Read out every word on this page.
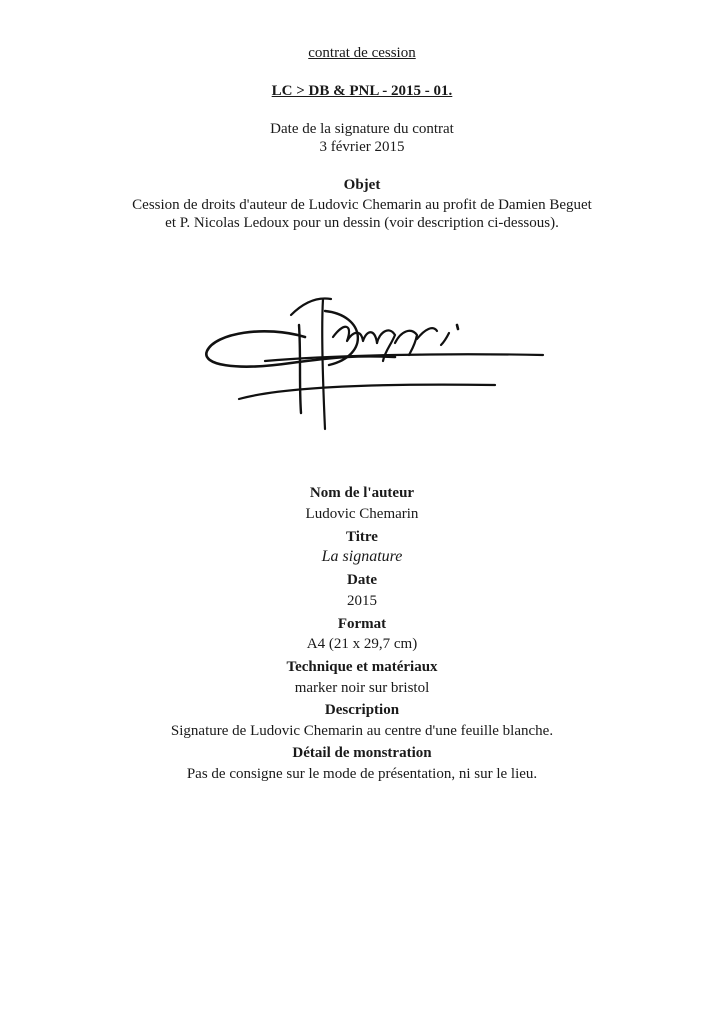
contrat de cession
LC > DB & PNL - 2015 - 01.
Date de la signature du contrat
3 février 2015
Objet
Cession de droits d'auteur de Ludovic Chemarin au profit de Damien Beguet
et P. Nicolas Ledoux pour un dessin (voir description ci-dessous).
Nom de l'auteur
Ludovic Chemarin
Titre
La signature
Date
2015
Format
A4 (21 x 29,7 cm)
Technique et matériaux
marker noir sur bristol
Description
Signature de Ludovic Chemarin au centre d'une feuille blanche.
Détail de monstration
Pas de consigne sur le mode de présentation, ni sur le lieu.
